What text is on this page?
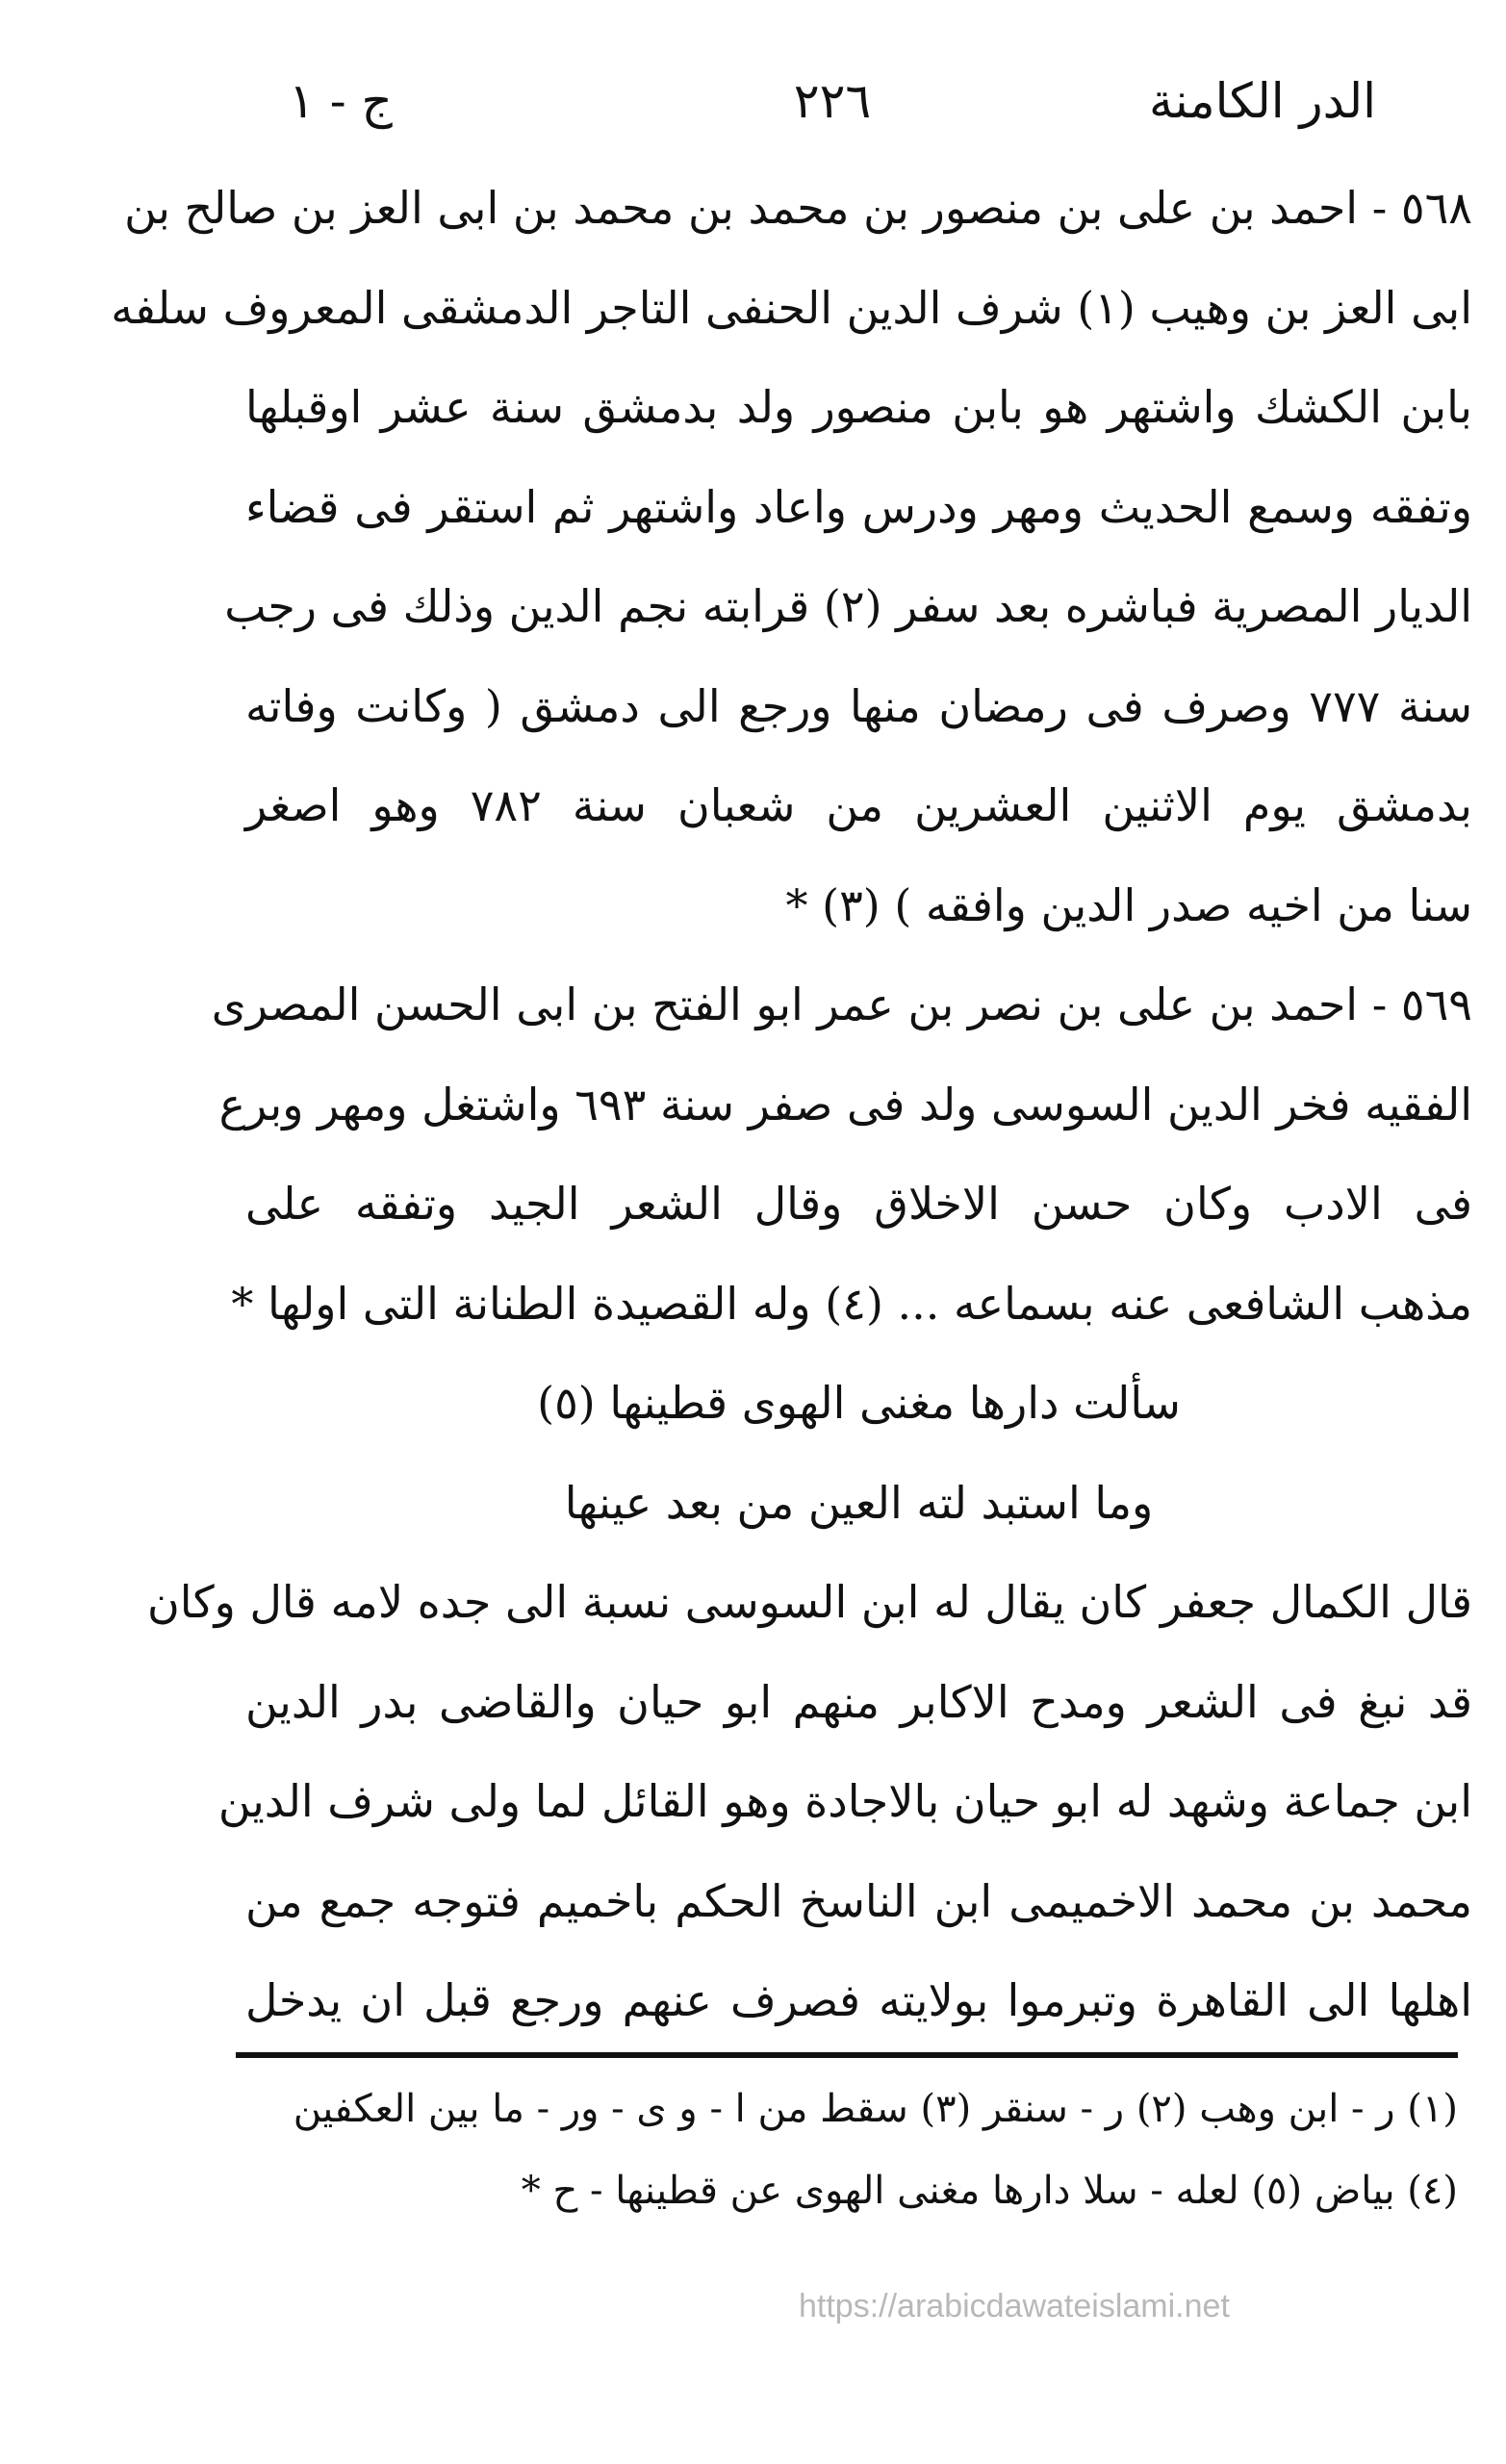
الدر الكامنة
٢٢٦
ج - ١
٥٦٨ - احمد بن على بن منصور بن محمد بن محمد بن ابى العز بن صالح بن
ابى العز بن وهيب (١) شرف الدين الحنفى التاجر الدمشقى المعروف سلفه
بابن الكشك واشتهر هو بابن منصور ولد بدمشق سنة عشر اوقبلها
وتفقه وسمع الحديث ومهر ودرس واعاد واشتهر ثم استقر فى قضاء
الديار المصرية فباشره بعد سفر (٢) قرابته نجم الدين وذلك فى رجب
سنة ٧٧٧ وصرف فى رمضان منها ورجع الى دمشق ( وكانت وفاته
بدمشق يوم الاثنين العشرين من شعبان سنة ٧٨٢ وهو اصغر
سنا من اخيه صدر الدين وافقه ) (٣) *
٥٦٩ - احمد بن على بن نصر بن عمر ابو الفتح بن ابى الحسن المصرى
الفقيه فخر الدين السوسى ولد فى صفر سنة ٦٩٣ واشتغل ومهر وبرع
فى الادب وكان حسن الاخلاق وقال الشعر الجيد وتفقه على
مذهب الشافعى عنه بسماعه ... (٤) وله القصيدة الطنانة التى اولها *
سألت دارها مغنى الهوى قطينها (٥)
وما استبد لته العين من بعد عينها
قال الكمال جعفر كان يقال له ابن السوسى نسبة الى جده لامه قال وكان
قد نبغ فى الشعر ومدح الاكابر منهم ابو حيان والقاضى بدر الدين
ابن جماعة وشهد له ابو حيان بالاجادة وهو القائل لما ولى شرف الدين
محمد بن محمد الاخميمى ابن الناسخ الحكم باخميم فتوجه جمع من
اهلها الى القاهرة وتبرموا بولايته فصرف عنهم ورجع قبل ان يدخل
(١) ر - ابن وهب (٢) ر - سنقر (٣) سقط من ا - و ى - ور - ما بين العكفين
(٤) بياض (٥) لعله - سلا دارها مغنى الهوى عن قطينها - ح *
https://arabicdawateislami.net
